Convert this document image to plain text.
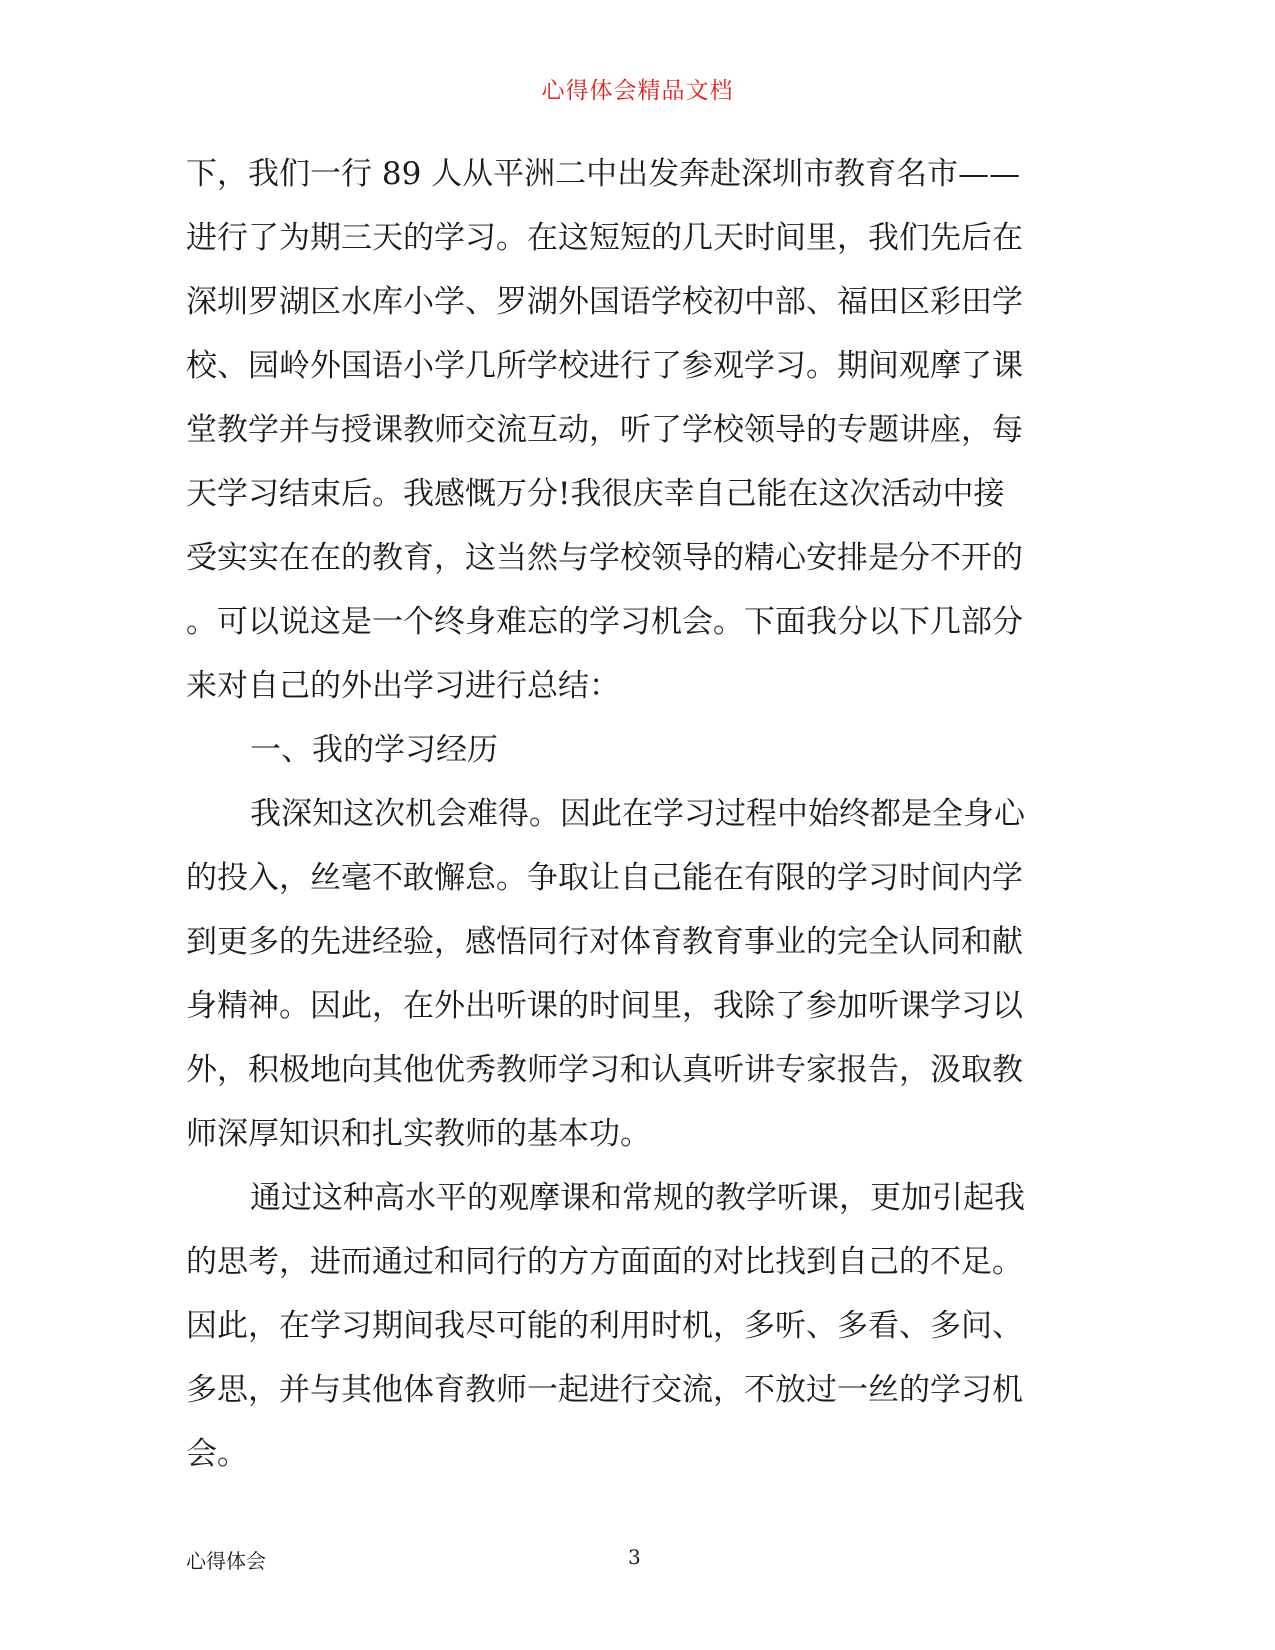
心得体会精品文档
下，我们一行 89 人从平洲二中出发奔赴深圳市教育名市——
进行了为期三天的学习。在这短短的几天时间里，我们先后在
深圳罗湖区水库小学、罗湖外国语学校初中部、福田区彩田学
校、园岭外国语小学几所学校进行了参观学习。期间观摩了课
堂教学并与授课教师交流互动，听了学校领导的专题讲座，每
天学习结束后。我感慨万分!我很庆幸自己能在这次活动中接
受实实在在的教育，这当然与学校领导的精心安排是分不开的
。可以说这是一个终身难忘的学习机会。下面我分以下几部分
来对自己的外出学习进行总结：
一、我的学习经历
我深知这次机会难得。因此在学习过程中始终都是全身心
的投入，丝毫不敢懈怠。争取让自己能在有限的学习时间内学
到更多的先进经验，感悟同行对体育教育事业的完全认同和献
身精神。因此，在外出听课的时间里，我除了参加听课学习以
外，积极地向其他优秀教师学习和认真听讲专家报告，汲取教
师深厚知识和扎实教师的基本功。
通过这种高水平的观摩课和常规的教学听课，更加引起我
的思考，进而通过和同行的方方面面的对比找到自己的不足。
因此，在学习期间我尽可能的利用时机，多听、多看、多问、
多思，并与其他体育教师一起进行交流，不放过一丝的学习机
会。
心得体会	3
